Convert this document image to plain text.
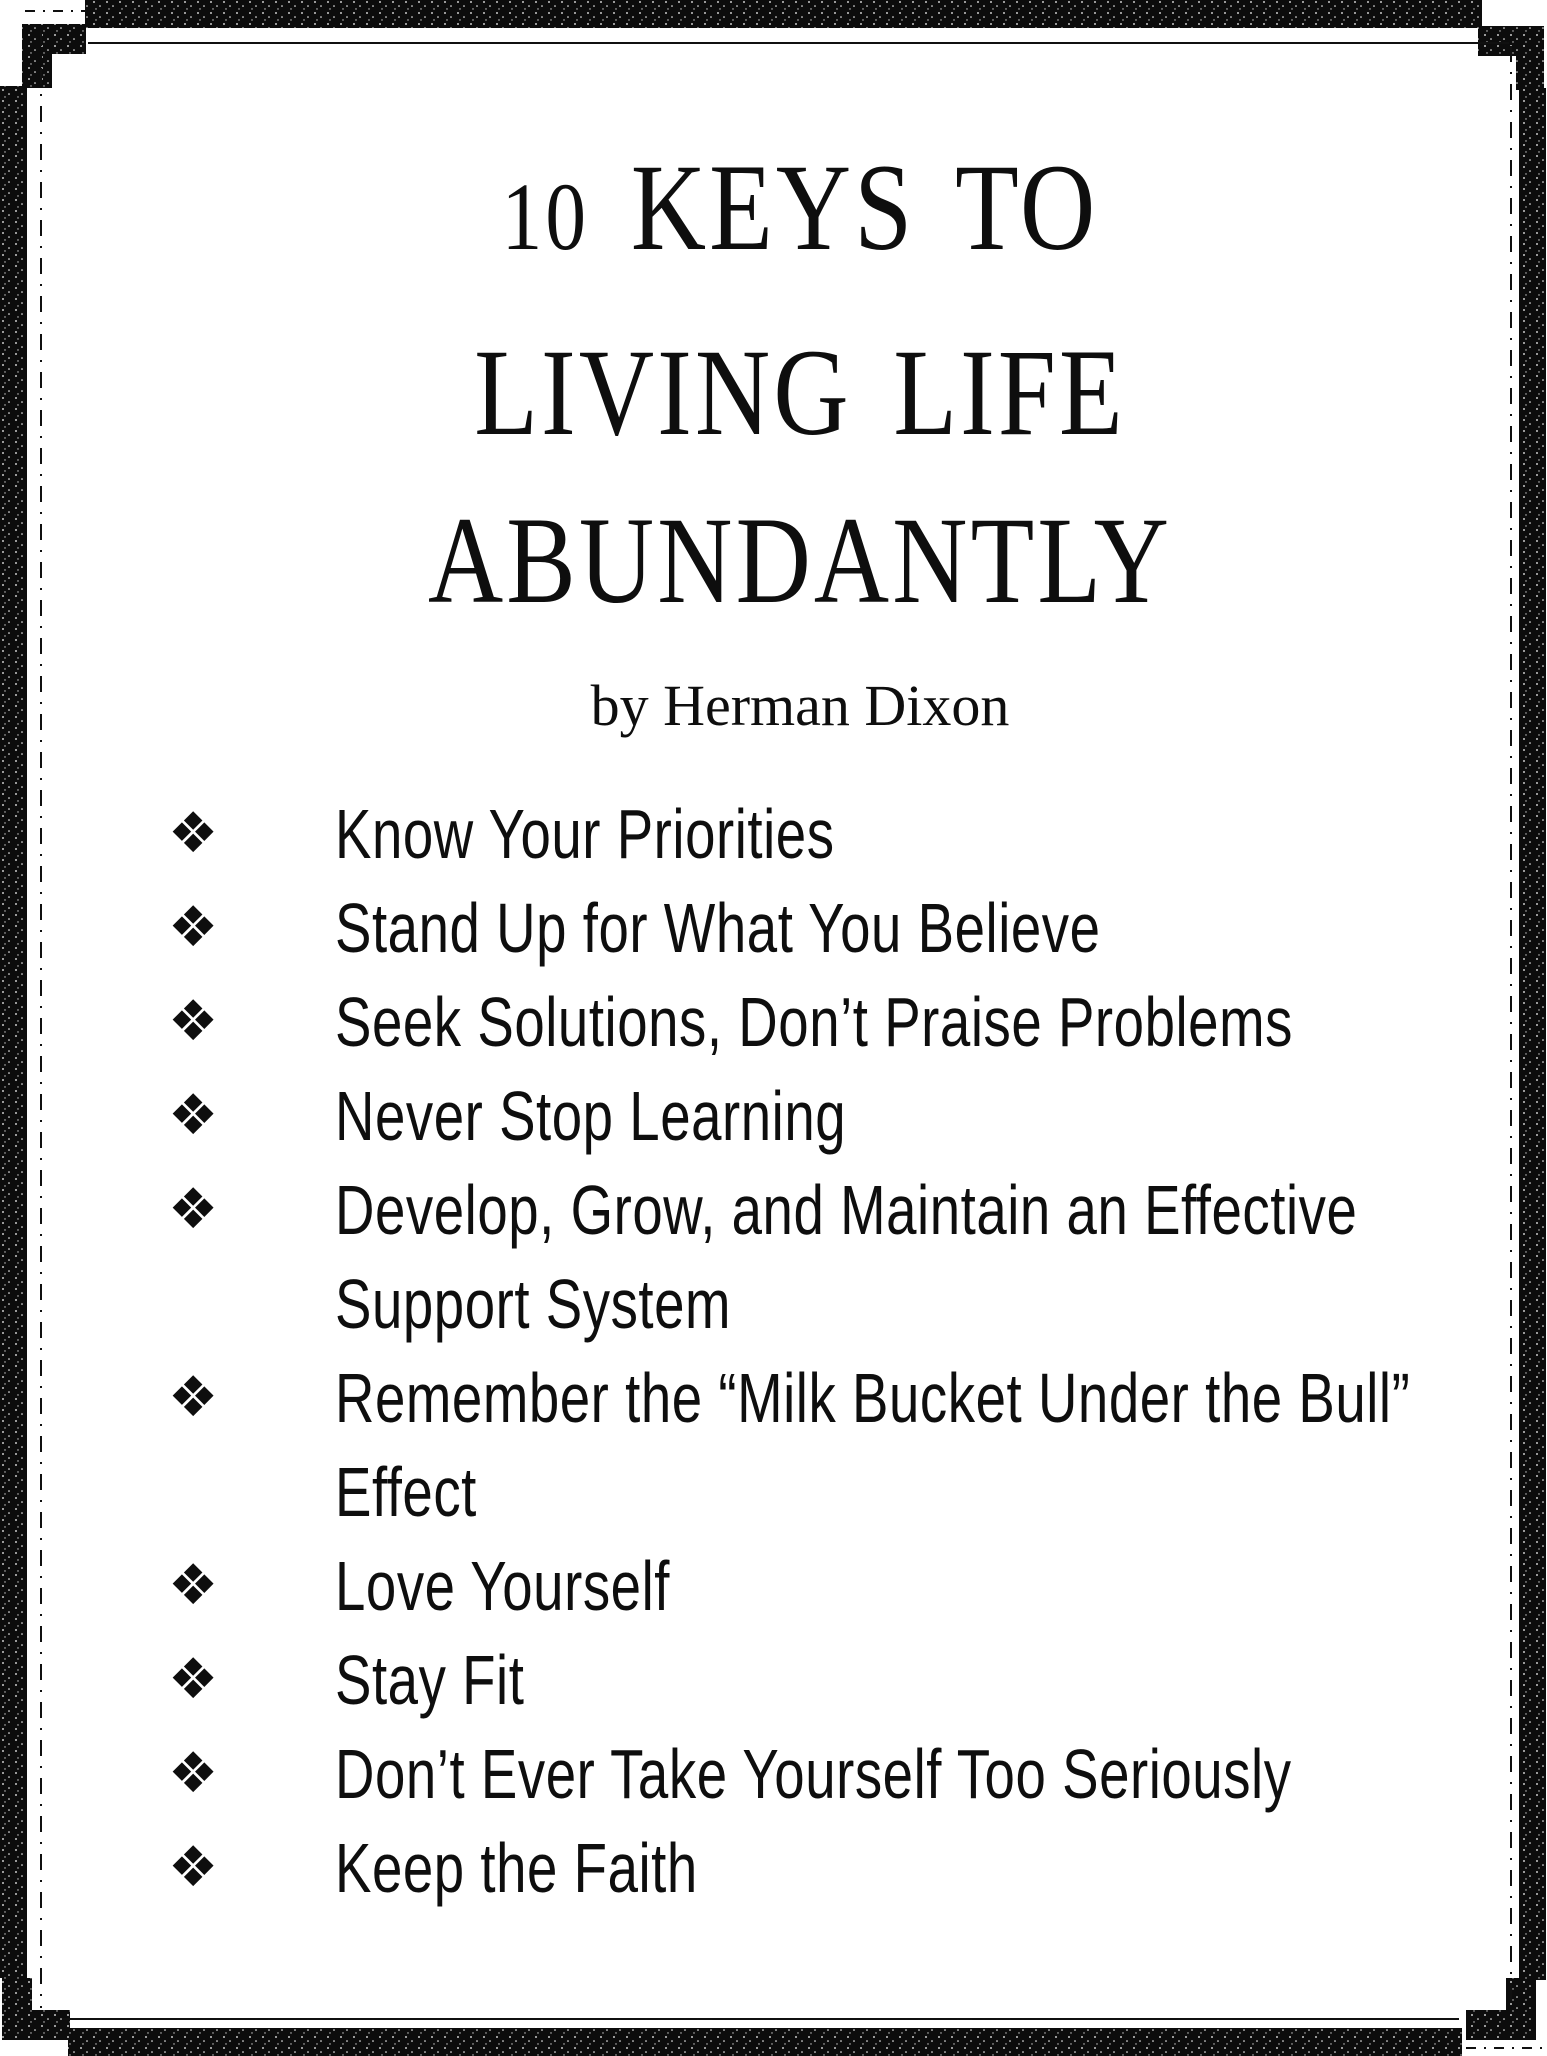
10 KEYS TO
LIVING LIFE
ABUNDANTLY
by Herman Dixon
❖ Know Your Priorities
❖ Stand Up for What You Believe
❖ Seek Solutions, Don’t Praise Problems
❖ Never Stop Learning
❖ Develop, Grow, and Maintain an Effective Support System
❖ Remember the “Milk Bucket Under the Bull” Effect
❖ Love Yourself
❖ Stay Fit
❖ Don’t Ever Take Yourself Too Seriously
❖ Keep the Faith
